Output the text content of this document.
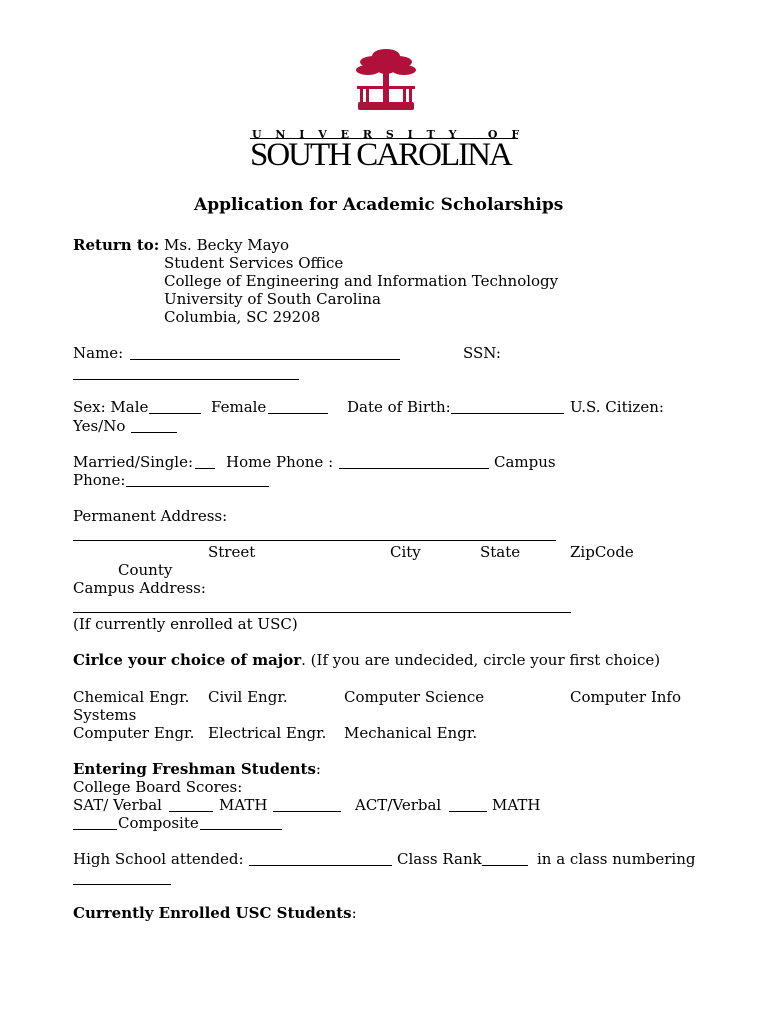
U N I V E R S I T Y   O F
SOUTH CAROLINA
Application for Academic Scholarships
Return to: Ms. Becky Mayo
Student Services Office
College of Engineering and Information Technology
University of South Carolina
Columbia, SC 29208
Name:	SSN:
Sex: Male	Female	Date of Birth:	U.S. Citizen:
Yes/No
Married/Single: Home Phone :	Campus
Phone:
Permanent Address:
Street	City	State	ZipCode
County
Campus Address:
(If currently enrolled at USC)
Cirlce your choice of major. (If you are undecided, circle your first choice)
Chemical Engr. Civil Engr.	Computer Science	Computer Info
Systems
Computer Engr. Electrical Engr. Mechanical Engr.
Entering Freshman Students:
College Board Scores:
SAT/ Verbal	MATH	ACT/Verbal	MATH
Composite
High School attended:	Class Rank	in a class numbering
Currently Enrolled USC Students:
